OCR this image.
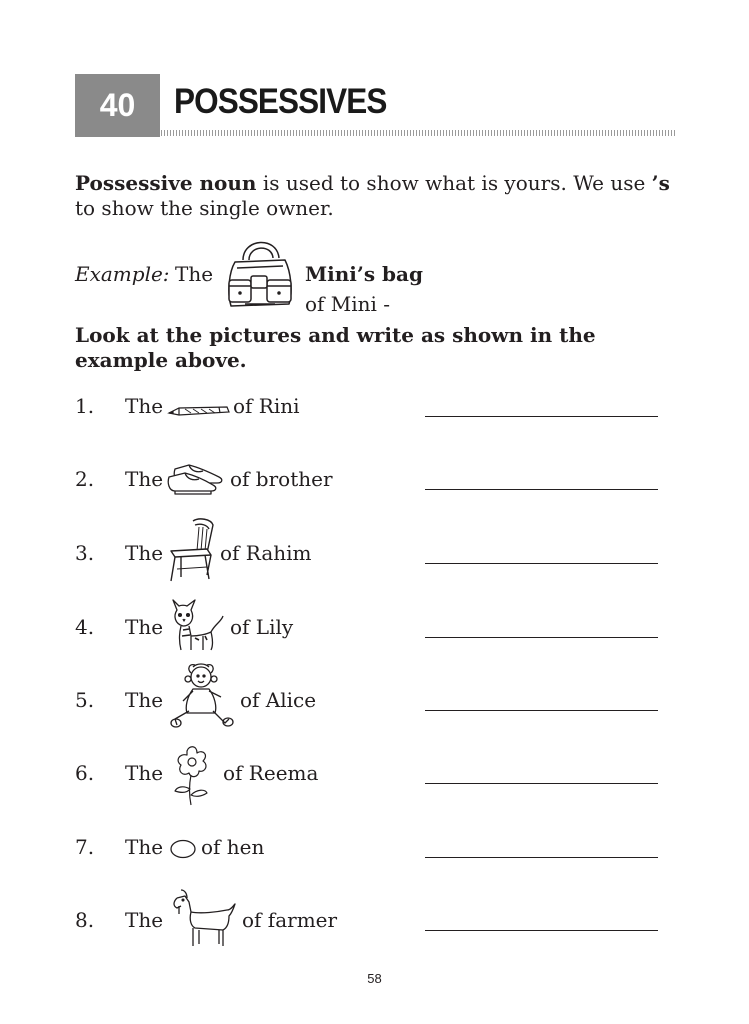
40	POSSESSIVES
Possessive noun is used to show what is yours. We use ’s to show the single owner.
Example: The
of Mini -
Mini’s bag
Look at the pictures and write as shown in the example above.
1. The	of Rini
2. The	of brother
3. The	of Rahim
4. The	of Lily
5. The	of Alice
6. The	of Reema
7. The of hen
8. The	of farmer
58
